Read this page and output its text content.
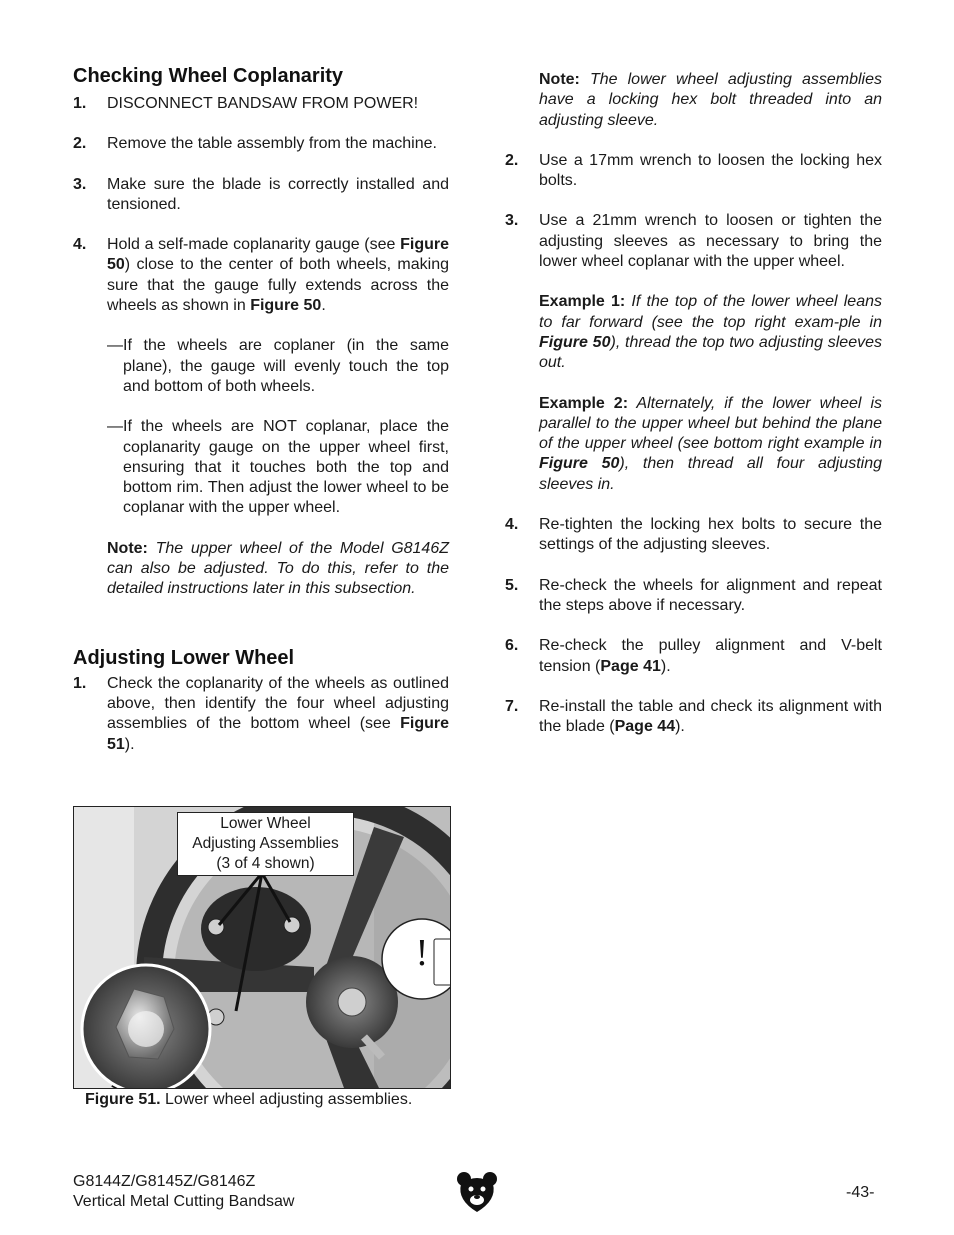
Checking Wheel Coplanarity
1.	DISCONNECT BANDSAW FROM POWER!
2.	Remove the table assembly from the machine.
3.	Make sure the blade is correctly installed and tensioned.
4.	Hold a self-made coplanarity gauge (see Figure 50) close to the center of both wheels, making sure that the gauge fully extends across the wheels as shown in Figure 50.
—If the wheels are coplaner (in the same plane), the gauge will evenly touch the top and bottom of both wheels.
—If the wheels are NOT coplanar, place the coplanarity gauge on the upper wheel first, ensuring that it touches both the top and bottom rim. Then adjust the lower wheel to be coplanar with the upper wheel.
Note: The upper wheel of the Model G8146Z can also be adjusted. To do this, refer to the detailed instructions later in this subsection.
Adjusting Lower Wheel
1.	Check the coplanarity of the wheels as outlined above, then identify the four wheel adjusting assemblies of the bottom wheel (see Figure 51).
!
Lower Wheel
Adjusting Assemblies
(3 of 4 shown)
Figure 51. Lower wheel adjusting assemblies.
Note: The lower wheel adjusting assemblies have a locking hex bolt threaded into an adjusting sleeve.
2.	Use a 17mm wrench to loosen the locking hex bolts.
3.	Use a 21mm wrench to loosen or tighten the adjusting sleeves as necessary to bring the lower wheel coplanar with the upper wheel.
Example 1: If the top of the lower wheel leans to far forward (see the top right exam-ple in Figure 50), thread the top two adjusting sleeves out.
Example 2: Alternately, if the lower wheel is parallel to the upper wheel but behind the plane of the upper wheel (see bottom right example in Figure 50), then thread all four adjusting sleeves in.
4.	Re-tighten the locking hex bolts to secure the settings of the adjusting sleeves.
5.	Re-check the wheels for alignment and repeat the steps above if necessary.
6.	Re-check the pulley alignment and V-belt tension (Page 41).
7.	Re-install the table and check its alignment with the blade (Page 44).
G8144Z/G8145Z/G8146Z
Vertical Metal Cutting Bandsaw
-43-
